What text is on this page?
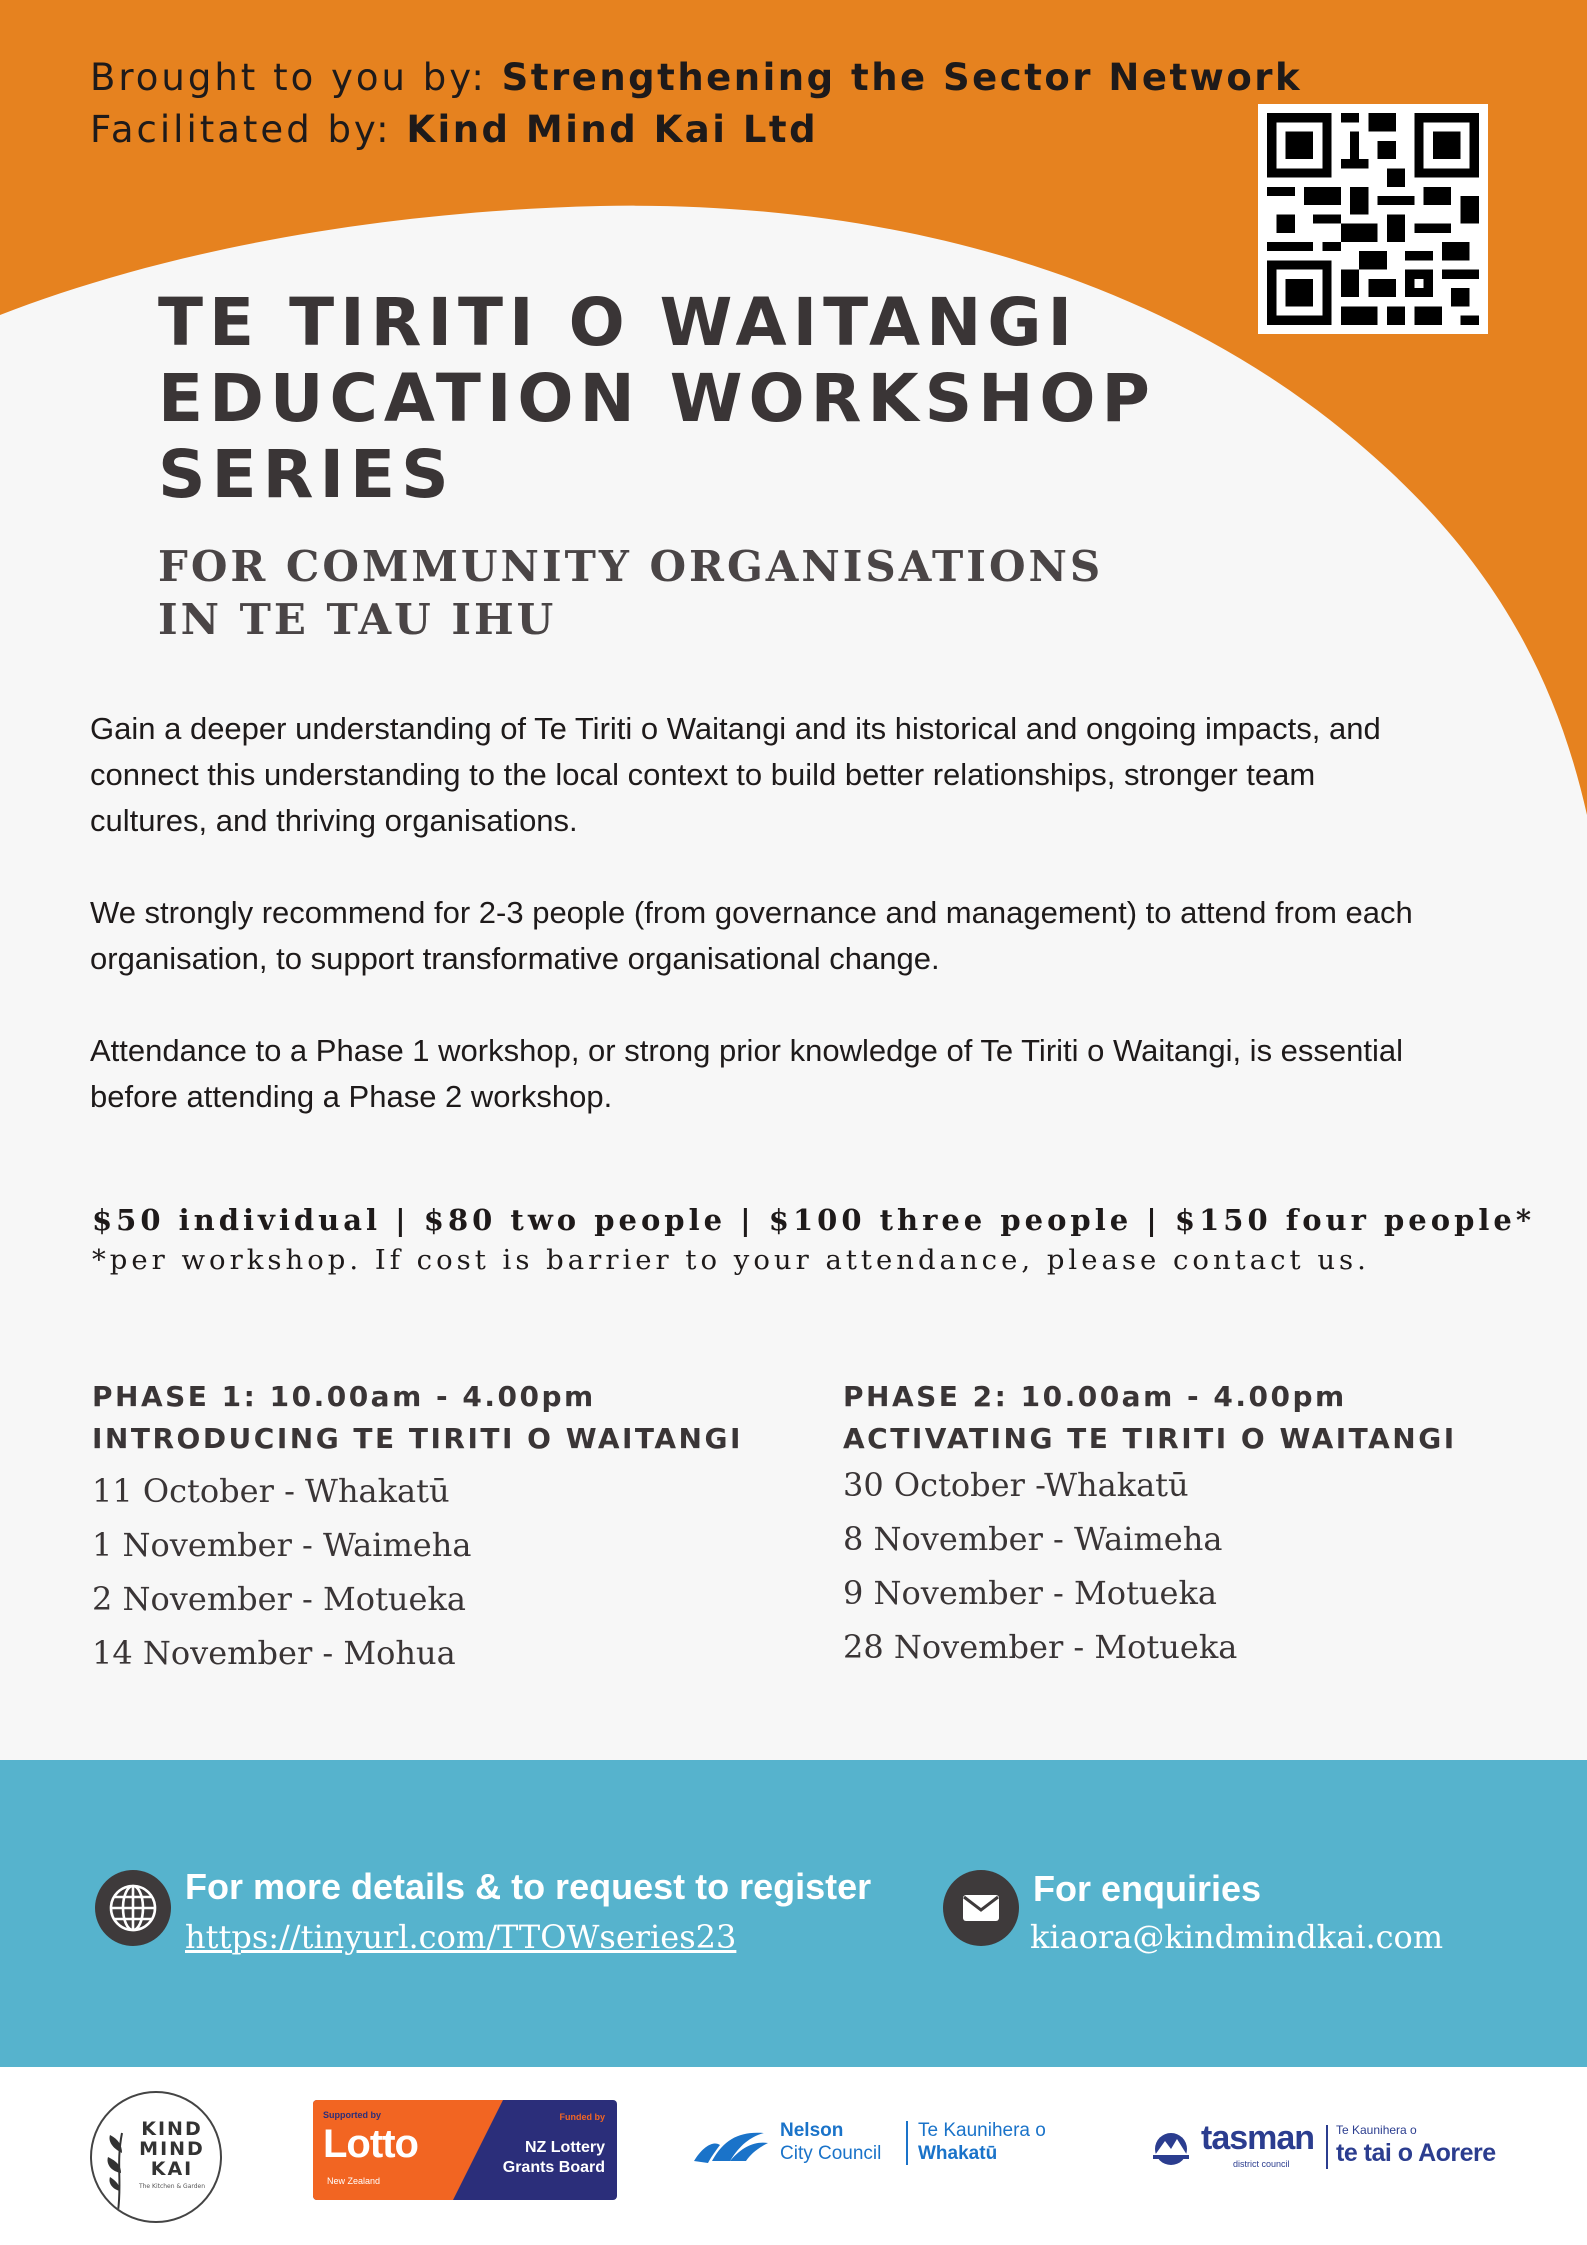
Brought to you by: Strengthening the Sector Network
Facilitated by: Kind Mind Kai Ltd
TE TIRITI O WAITANGI
EDUCATION WORKSHOP
SERIES
FOR COMMUNITY ORGANISATIONS
IN TE TAU IHU

Gain a deeper understanding of Te Tiriti o Waitangi and its historical and ongoing impacts, and connect this understanding to the local context to build better relationships, stronger team cultures, and thriving organisations.

We strongly recommend for 2-3 people (from governance and management) to attend from each organisation, to support transformative organisational change.

Attendance to a Phase 1 workshop, or strong prior knowledge of Te Tiriti o Waitangi, is essential before attending a Phase 2 workshop.

$50 individual | $80 two people | $100 three people | $150 four people*
*per workshop. If cost is barrier to your attendance, please contact us.
PHASE 1: 10.00am - 4.00pm
INTRODUCING TE TIRITI O WAITANGI
11 October - Whakatū
1 November - Waimeha
2 November - Motueka
14 November - Mohua
PHASE 2: 10.00am - 4.00pm
ACTIVATING TE TIRITI O WAITANGI
30 October -Whakatū
8 November - Waimeha
9 November - Motueka
28 November - Motueka
For more details & to request to register
https://tinyurl.com/TTOWseries23
For enquiries
kiaora@kindmindkai.com
KIND
MIND
KAI
The Kitchen & Garden
Supported by
Lotto
New Zealand
Funded by
NZ Lottery
Grants Board
Nelson
City Council
Te Kaunihera o
Whakatū	tasman
district council
Te Kaunihera o
te tai o Aorere
